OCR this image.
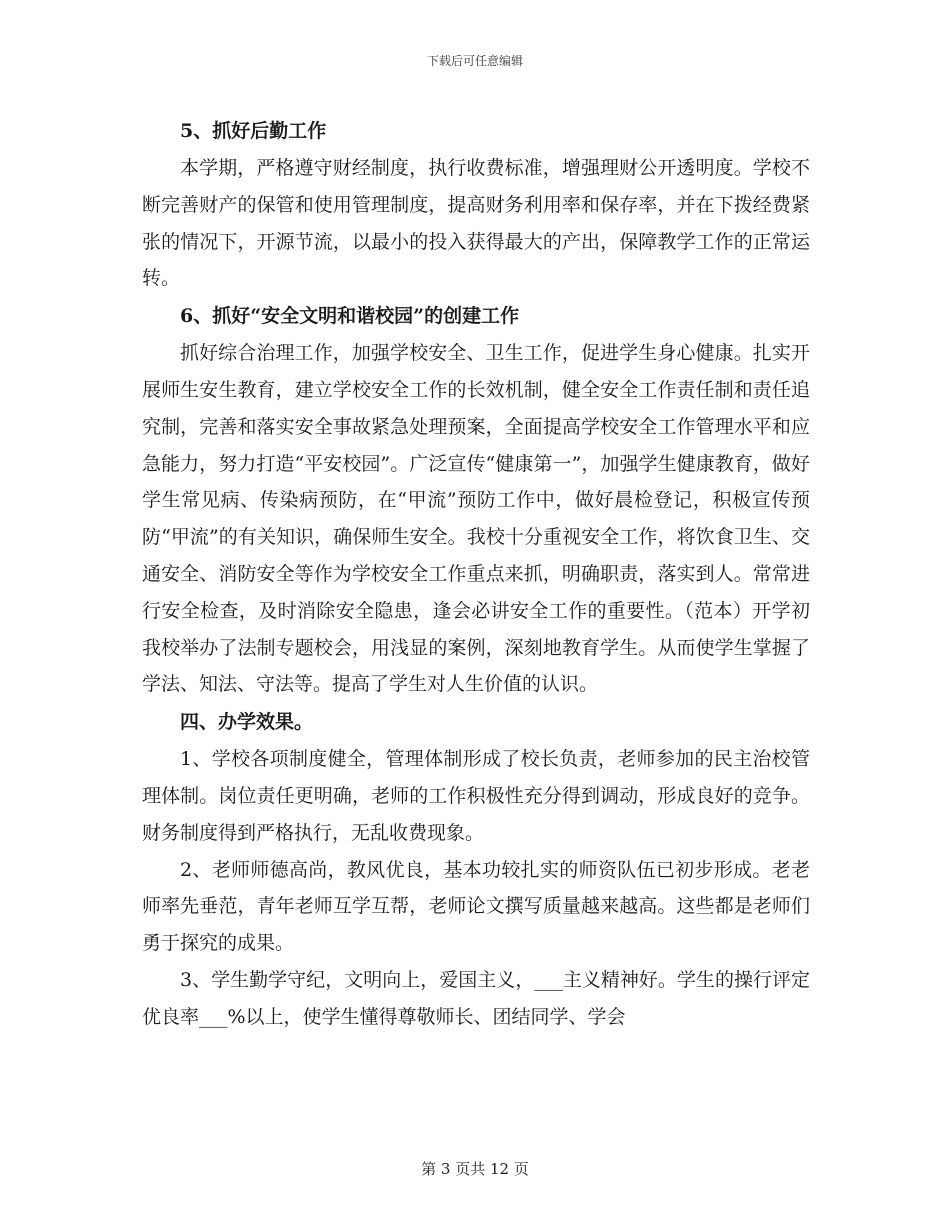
下载后可任意编辑
5、抓好后勤工作

本学期，严格遵守财经制度，执行收费标准，增强理财公开透明度。学校不断完善财产的保管和使用管理制度，提高财务利用率和保存率，并在下拨经费紧张的情况下，开源节流，以最小的投入获得最大的产出，保障教学工作的正常运转。

6、抓好“安全文明和谐校园”的创建工作

抓好综合治理工作，加强学校安全、卫生工作，促进学生身心健康。扎实开展师生安生教育，建立学校安全工作的长效机制，健全安全工作责任制和责任追究制，完善和落实安全事故紧急处理预案，全面提高学校安全工作管理水平和应急能力，努力打造“平安校园”。广泛宣传“健康第一”，加强学生健康教育，做好学生常见病、传染病预防，在“甲流”预防工作中，做好晨检登记，积极宣传预防“甲流”的有关知识，确保师生安全。我校十分重视安全工作，将饮食卫生、交通安全、消防安全等作为学校安全工作重点来抓，明确职责，落实到人。常常进行安全检查，及时消除安全隐患，逢会必讲安全工作的重要性。（范本）开学初我校举办了法制专题校会，用浅显的案例，深刻地教育学生。从而使学生掌握了学法、知法、守法等。提高了学生对人生价值的认识。

四、办学效果。

1、学校各项制度健全，管理体制形成了校长负责，老师参加的民主治校管理体制。岗位责任更明确，老师的工作积极性充分得到调动，形成良好的竞争。财务制度得到严格执行，无乱收费现象。

2、老师师德高尚，教风优良，基本功较扎实的师资队伍已初步形成。老老师率先垂范，青年老师互学互帮，老师论文撰写质量越来越高。这些都是老师们勇于探究的成果。

3、学生勤学守纪，文明向上，爱国主义，___主义精神好。学生的操行评定优良率___%以上，使学生懂得尊敬师长、团结同学、学会

第 3 页共 12 页
